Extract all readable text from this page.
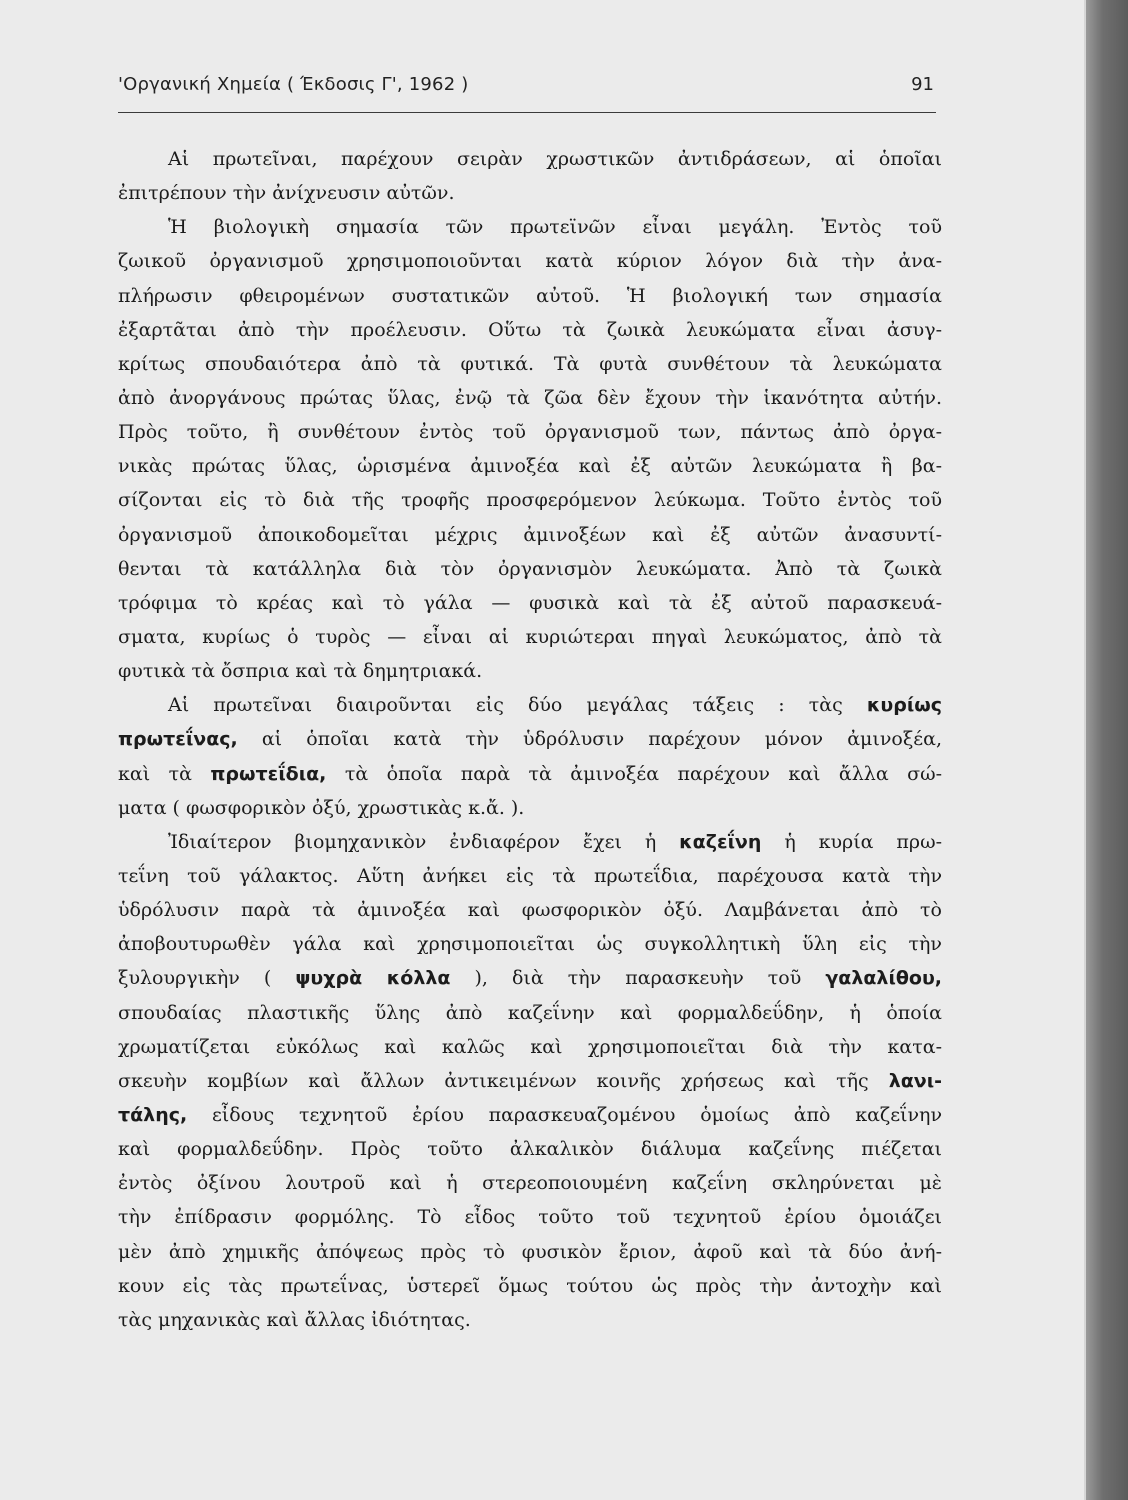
'Οργανική Χημεία ( Έκδοσις Γ', 1962 )	91
Αἱ πρωτεῖναι, παρέχουν σειρὰν χρωστικῶν ἀντιδράσεων, αἱ ὁποῖαι
ἐπιτρέπουν τὴν ἀνίχνευσιν αὐτῶν.
Ἡ βιολογικὴ σημασία τῶν πρωτεϊνῶν εἶναι μεγάλη. Ἐντὸς τοῦ
ζωικοῦ ὀργανισμοῦ χρησιμοποιοῦνται κατὰ κύριον λόγον διὰ τὴν ἀνα-
πλήρωσιν φθειρομένων συστατικῶν αὐτοῦ. Ἡ βιολογική των σημασία
ἐξαρτᾶται ἀπὸ τὴν προέλευσιν. Οὕτω τὰ ζωικὰ λευκώματα εἶναι ἀσυγ-
κρίτως σπουδαιότερα ἀπὸ τὰ φυτικά. Τὰ φυτὰ συνθέτουν τὰ λευκώματα
ἀπὸ ἀνοργάνους πρώτας ὕλας, ἐνῷ τὰ ζῶα δὲν ἔχουν τὴν ἱκανότητα αὐτήν.
Πρὸς τοῦτο, ἢ συνθέτουν ἐντὸς τοῦ ὀργανισμοῦ των, πάντως ἀπὸ ὀργα-
νικὰς πρώτας ὕλας, ὡρισμένα ἀμινοξέα καὶ ἐξ αὐτῶν λευκώματα ἢ βα-
σίζονται εἰς τὸ διὰ τῆς τροφῆς προσφερόμενον λεύκωμα. Τοῦτο ἐντὸς τοῦ
ὀργανισμοῦ ἀποικοδομεῖται μέχρις ἀμινοξέων καὶ ἐξ αὐτῶν ἀνασυντί-
θενται τὰ κατάλληλα διὰ τὸν ὀργανισμὸν λευκώματα. Ἀπὸ τὰ ζωικὰ
τρόφιμα τὸ κρέας καὶ τὸ γάλα — φυσικὰ καὶ τὰ ἐξ αὐτοῦ παρασκευά-
σματα, κυρίως ὁ τυρὸς — εἶναι αἱ κυριώτεραι πηγαὶ λευκώματος, ἀπὸ τὰ
φυτικὰ τὰ ὄσπρια καὶ τὰ δημητριακά.
Αἱ πρωτεῖναι διαιροῦνται εἰς δύο μεγάλας τάξεις : τὰς κυρίως
πρωτεΐνας, αἱ ὁποῖαι κατὰ τὴν ὑδρόλυσιν παρέχουν μόνον ἀμινοξέα,
καὶ τὰ πρωτεΐδια, τὰ ὁποῖα παρὰ τὰ ἀμινοξέα παρέχουν καὶ ἄλλα σώ-
ματα ( φωσφορικὸν ὀξύ, χρωστικὰς κ.ἄ. ).
Ἰδιαίτερον βιομηχανικὸν ἐνδιαφέρον ἔχει ἡ καζεΐνη ἡ κυρία πρω-
τεΐνη τοῦ γάλακτος. Αὕτη ἀνήκει εἰς τὰ πρωτεΐδια, παρέχουσα κατὰ τὴν
ὑδρόλυσιν παρὰ τὰ ἀμινοξέα καὶ φωσφορικὸν ὀξύ. Λαμβάνεται ἀπὸ τὸ
ἀποβουτυρωθὲν γάλα καὶ χρησιμοποιεῖται ὡς συγκολλητικὴ ὕλη εἰς τὴν
ξυλουργικὴν ( ψυχρὰ κόλλα ), διὰ τὴν παρασκευὴν τοῦ γαλαλίθου,
σπουδαίας πλαστικῆς ὕλης ἀπὸ καζεΐνην καὶ φορμαλδεΰδην, ἡ ὁποία
χρωματίζεται εὐκόλως καὶ καλῶς καὶ χρησιμοποιεῖται διὰ τὴν κατα-
σκευὴν κομβίων καὶ ἄλλων ἀντικειμένων κοινῆς χρήσεως καὶ τῆς λανι-
τάλης, εἶδους τεχνητοῦ ἐρίου παρασκευαζομένου ὁμοίως ἀπὸ καζεΐνην
καὶ φορμαλδεΰδην. Πρὸς τοῦτο ἀλκαλικὸν διάλυμα καζεΐνης πιέζεται
ἐντὸς ὀξίνου λουτροῦ καὶ ἡ στερεοποιουμένη καζεΐνη σκληρύνεται μὲ
τὴν ἐπίδρασιν φορμόλης. Τὸ εἶδος τοῦτο τοῦ τεχνητοῦ ἐρίου ὁμοιάζει
μὲν ἀπὸ χημικῆς ἀπόψεως πρὸς τὸ φυσικὸν ἔριον, ἀφοῦ καὶ τὰ δύο ἀνή-
κουν εἰς τὰς πρωτεΐνας, ὑστερεῖ ὅμως τούτου ὡς πρὸς τὴν ἀντοχὴν καὶ
τὰς μηχανικὰς καὶ ἄλλας ἰδιότητας.
